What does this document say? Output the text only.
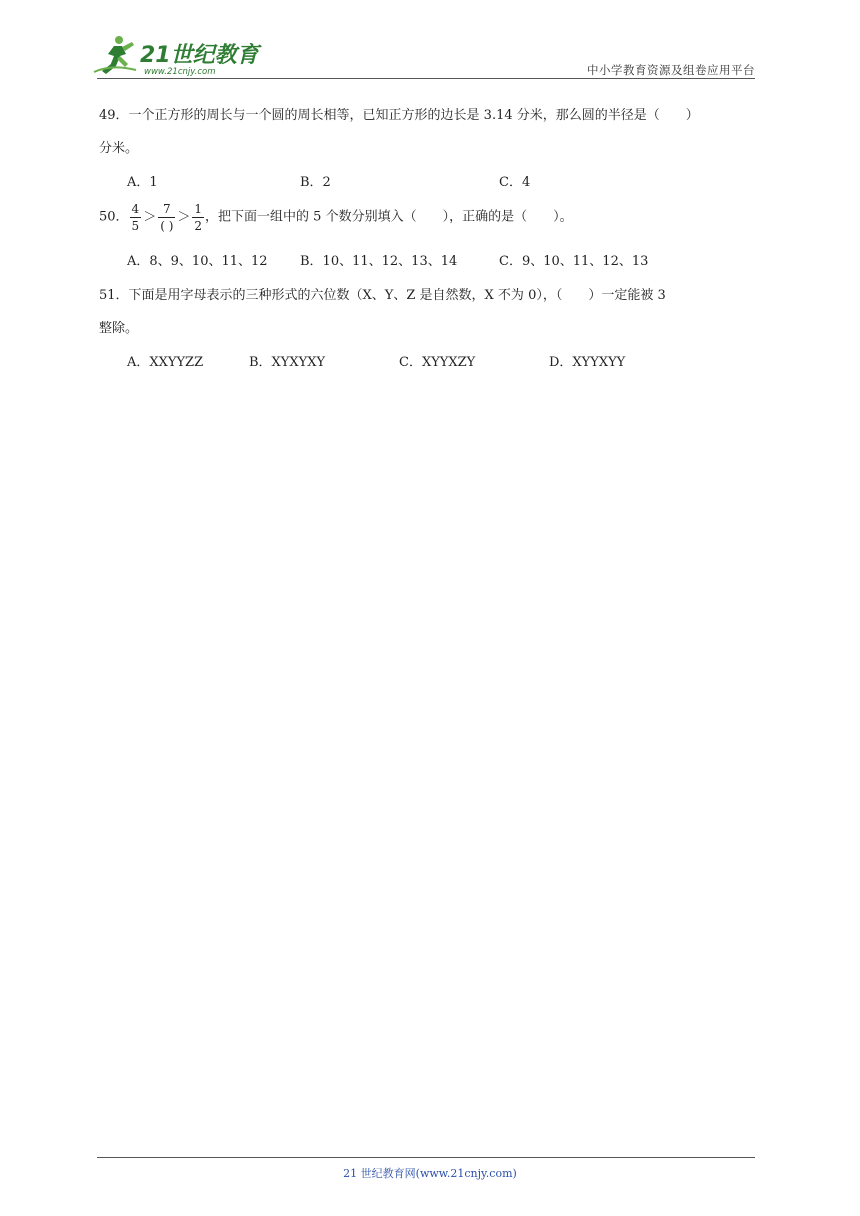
21世纪教育
www.21cnjy.com	中小学教育资源及组卷应用平台
49．一个正方形的周长与一个圆的周长相等，已知正方形的边长是 3.14 分米，那么圆的半径是（　　）
分米。
A．1	B．2	C．4
50． $\frac{4}{5} > \frac{7}{( )} > \frac{1}{2}$ ，把下面一组中的 5 个数分别填入（　　），正确的是（　　）。
A．8、9、10、11、12 B．10、11、12、13、14	C．9、10、11、12、13
51．下面是用字母表示的三种形式的六位数（X、Y、Z 是自然数，X 不为 0），（　　）一定能被 3
整除。
A．XXYYZZ	B．XYXYXY	C．XYYXZY	D．XYYXYY
21 世纪教育网(www.21cnjy.com)
